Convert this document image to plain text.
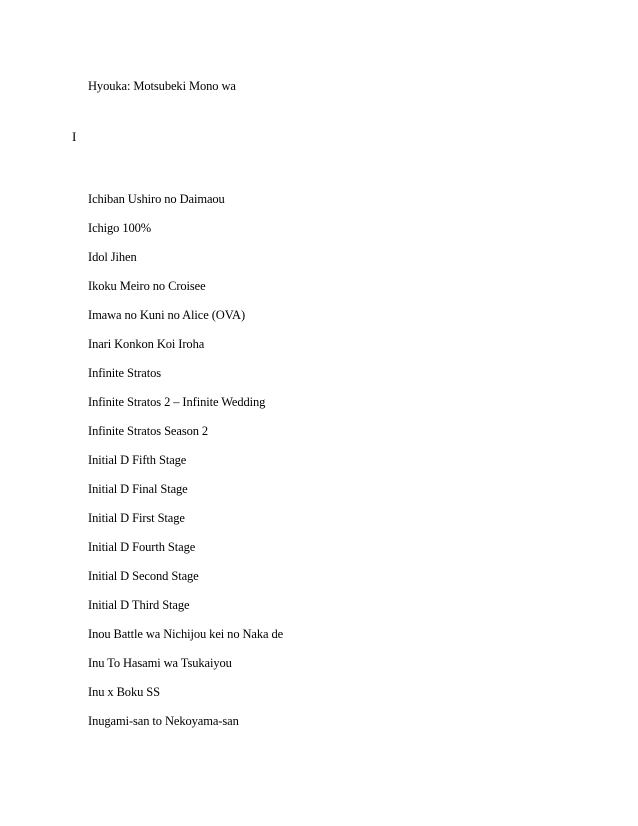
Hyouka: Motsubeki Mono wa
I
Ichiban Ushiro no Daimaou
Ichigo 100%
Idol Jihen
Ikoku Meiro no Croisee
Imawa no Kuni no Alice (OVA)
Inari Konkon Koi Iroha
Infinite Stratos
Infinite Stratos 2 – Infinite Wedding
Infinite Stratos Season 2
Initial D Fifth Stage
Initial D Final Stage
Initial D First Stage
Initial D Fourth Stage
Initial D Second Stage
Initial D Third Stage
Inou Battle wa Nichijou kei no Naka de
Inu To Hasami wa Tsukaiyou
Inu x Boku SS
Inugami-san to Nekoyama-san
